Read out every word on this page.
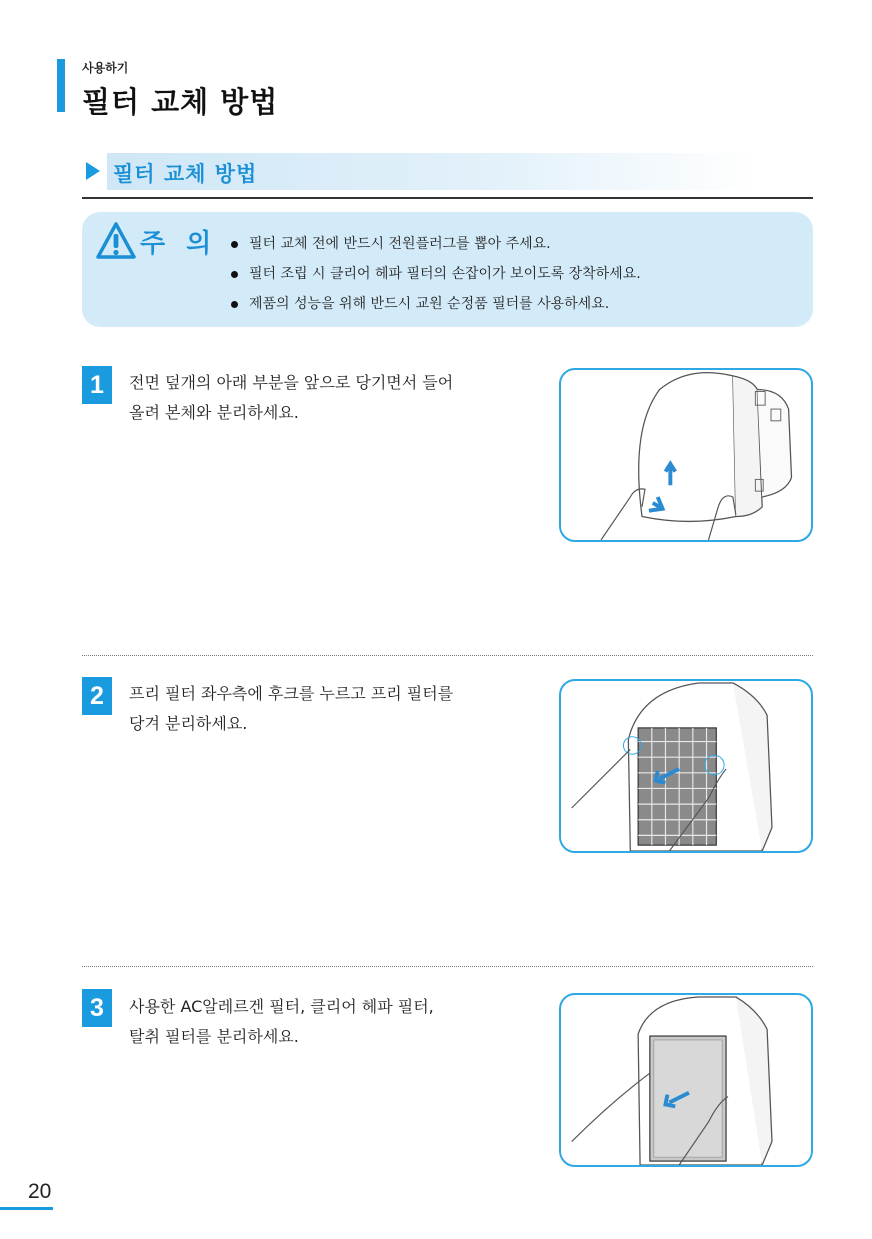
사용하기
필터 교체 방법
필터 교체 방법
주 의	필터 교체 전에 반드시 전원플러그를 뽑아 주세요.
필터 조립 시 클리어 헤파 필터의 손잡이가 보이도록 장착하세요.
제품의 성능을 위해 반드시 교원 순정품 필터를 사용하세요.
1	전면 덮개의 아래 부분을 앞으로 당기면서 들어
올려 본체와 분리하세요.
2	프리 필터 좌우측에 후크를 누르고 프리 필터를
당겨 분리하세요.
3	사용한 AC알레르겐 필터, 클리어 헤파 필터,
탈취 필터를 분리하세요.
20
